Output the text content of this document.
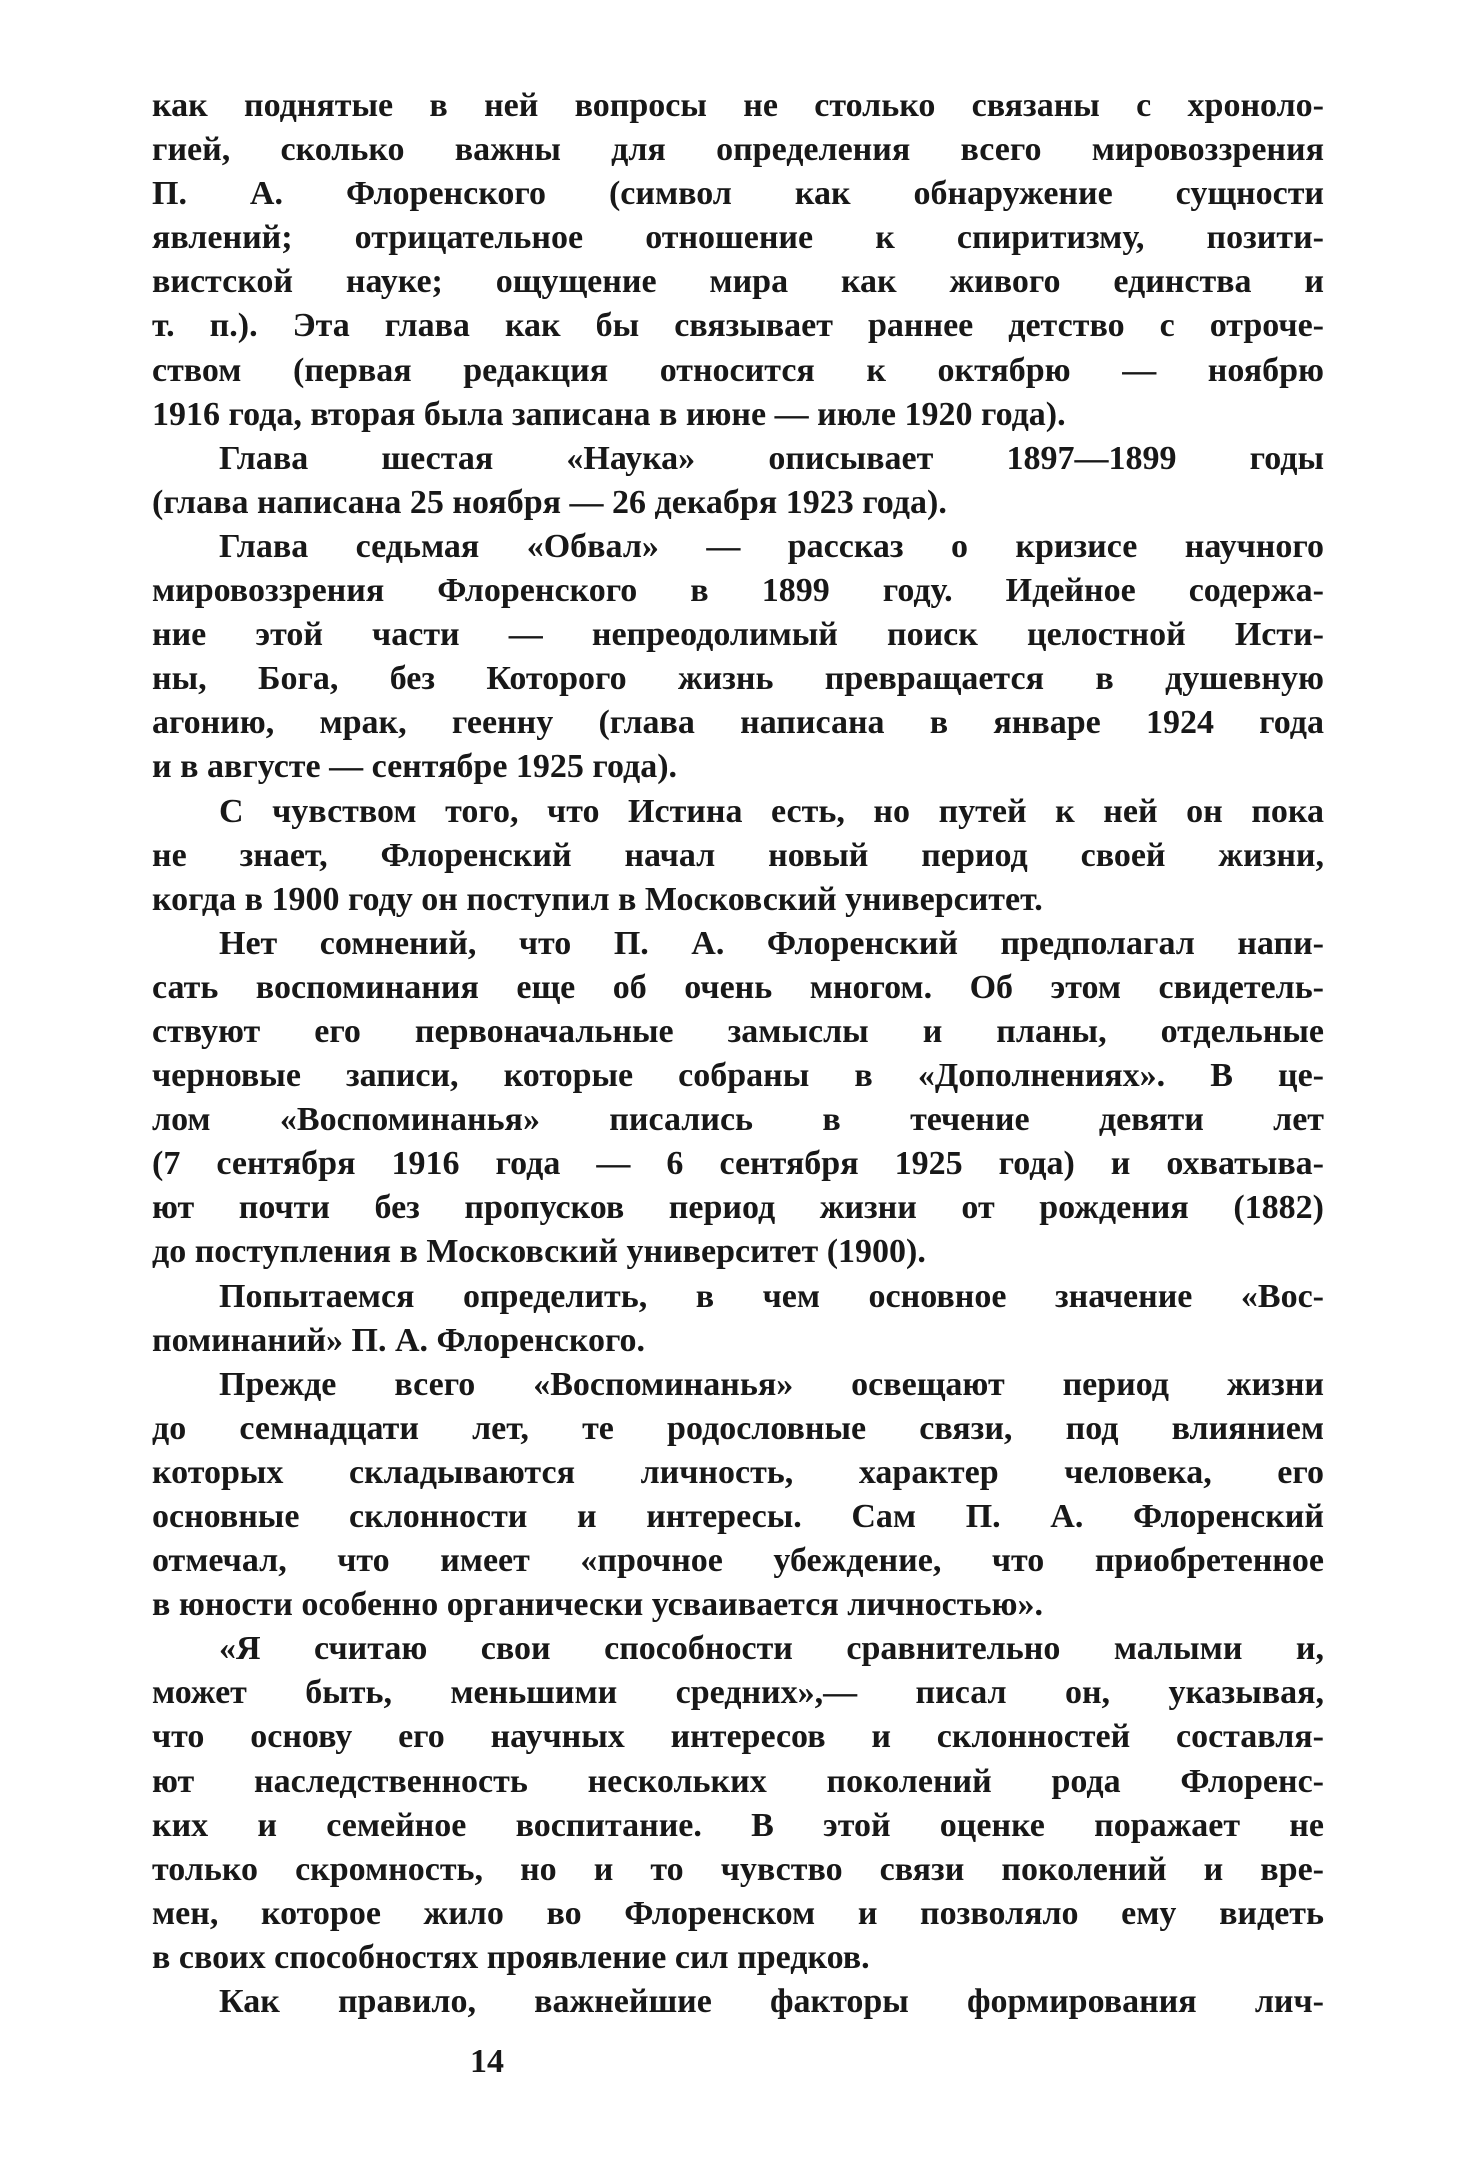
как поднятые в ней вопросы не столько связаны с хроноло-
гией, сколько важны для определения всего мировоззрения
П. А. Флоренского (символ как обнаружение сущности
явлений; отрицательное отношение к спиритизму, позити-
вистской науке; ощущение мира как живого единства и
т. п.). Эта глава как бы связывает раннее детство с отроче-
ством (первая редакция относится к октябрю — ноябрю
1916 года, вторая была записана в июне — июле 1920 года).
Глава шестая «Наука» описывает 1897—1899 годы
(глава написана 25 ноября — 26 декабря 1923 года).
Глава седьмая «Обвал» — рассказ о кризисе научного
мировоззрения Флоренского в 1899 году. Идейное содержа-
ние этой части — непреодолимый поиск целостной Исти-
ны, Бога, без Которого жизнь превращается в душевную
агонию, мрак, геенну (глава написана в январе 1924 года
и в августе — сентябре 1925 года).
С чувством того, что Истина есть, но путей к ней он пока
не знает, Флоренский начал новый период своей жизни,
когда в 1900 году он поступил в Московский университет.
Нет сомнений, что П. А. Флоренский предполагал напи-
сать воспоминания еще об очень многом. Об этом свидетель-
ствуют его первоначальные замыслы и планы, отдельные
черновые записи, которые собраны в «Дополнениях». В це-
лом «Воспоминанья» писались в течение девяти лет
(7 сентября 1916 года — 6 сентября 1925 года) и охватыва-
ют почти без пропусков период жизни от рождения (1882)
до поступления в Московский университет (1900).
Попытаемся определить, в чем основное значение «Вос-
поминаний» П. А. Флоренского.
Прежде всего «Воспоминанья» освещают период жизни
до семнадцати лет, те родословные связи, под влиянием
которых складываются личность, характер человека, его
основные склонности и интересы. Сам П. А. Флоренский
отмечал, что имеет «прочное убеждение, что приобретенное
в юности особенно органически усваивается личностью».
«Я считаю свои способности сравнительно малыми и,
может быть, меньшими средних»,— писал он, указывая,
что основу его научных интересов и склонностей составля-
ют наследственность нескольких поколений рода Флоренс-
ких и семейное воспитание. В этой оценке поражает не
только скромность, но и то чувство связи поколений и вре-
мен, которое жило во Флоренском и позволяло ему видеть
в своих способностях проявление сил предков.
Как правило, важнейшие факторы формирования лич-
14
